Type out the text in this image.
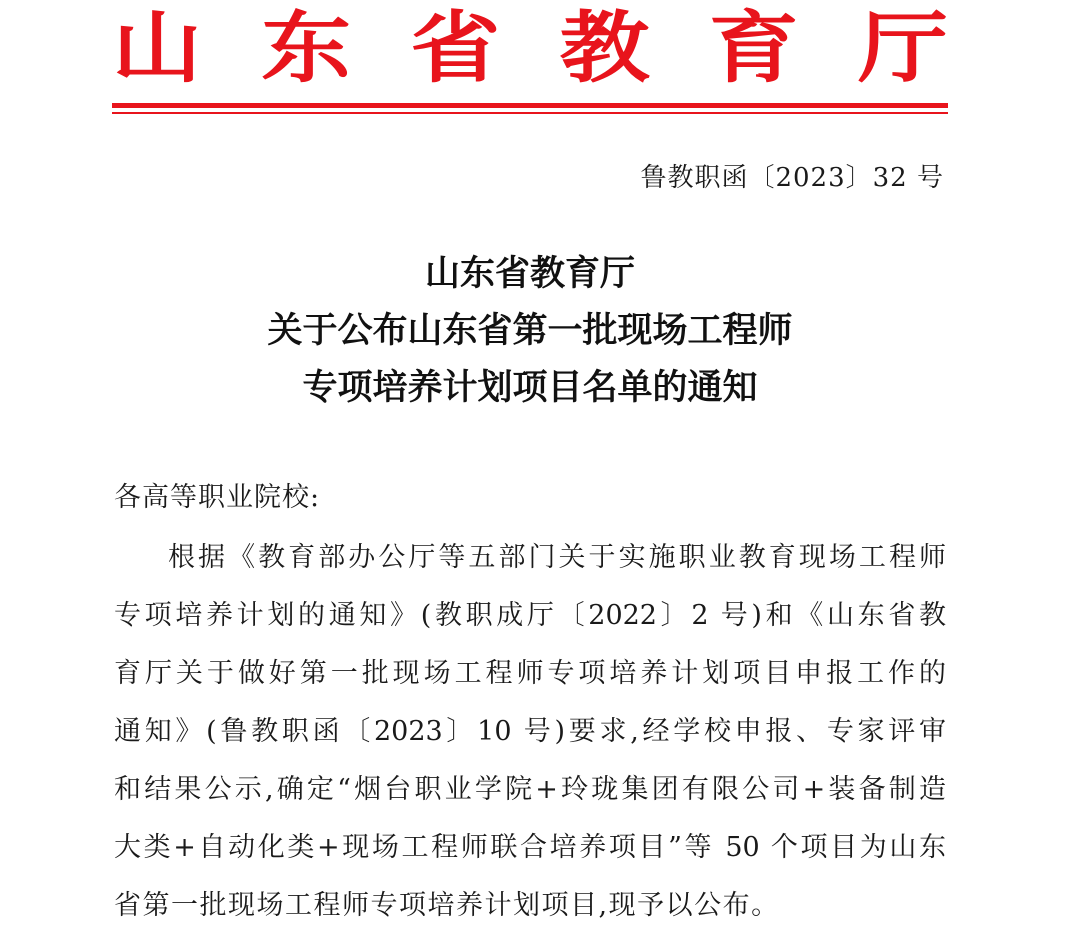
山 东 省 教 育 厅
鲁教职函〔2023〕32 号
山东省教育厅
关于公布山东省第一批现场工程师
专项培养计划项目名单的通知
各高等职业院校:
根据《教育部办公厅等五部门关于实施职业教育现场工程师
专项培养计划的通知》(教职成厅〔2022〕2 号)和《山东省教
育厅关于做好第一批现场工程师专项培养计划项目申报工作的
通知》(鲁教职函〔2023〕10 号)要求,经学校申报、专家评审
和结果公示,确定“烟台职业学院+玲珑集团有限公司+装备制造
大类+自动化类+现场工程师联合培养项目”等 50 个项目为山东
省第一批现场工程师专项培养计划项目,现予以公布。
